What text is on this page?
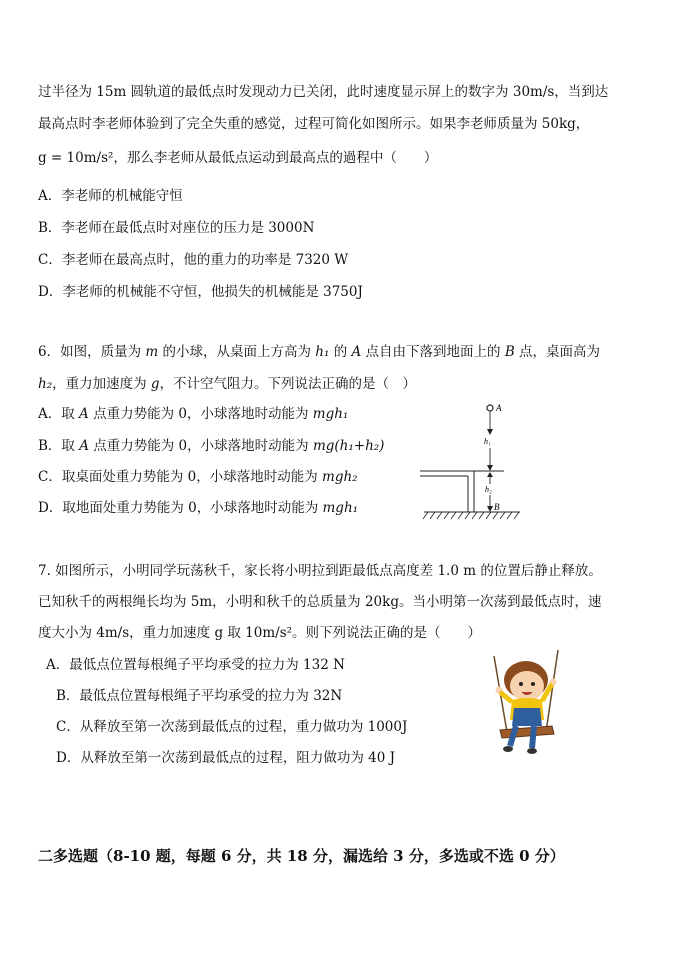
过半径为 15m 圆轨道的最低点时发现动力已关闭，此时速度显示屏上的数字为 30m/s，当到达
最高点时李老师体验到了完全失重的感觉，过程可简化如图所示。如果李老师质量为 50kg，
g = 10m/s²，那么李老师从最低点运动到最高点的過程中（　　）
A．李老师的机械能守恒
B．李老师在最低点时对座位的压力是 3000N
C．李老师在最高点时，他的重力的功率是 7320 W
D．李老师的机械能不守恒，他损失的机械能是 3750J
6．如图，质量为 m 的小球，从桌面上方高为 h₁ 的 A 点自由下落到地面上的 B 点，桌面高为
h₂，重力加速度为 g，不计空气阻力。下列说法正确的是（　）
A．取 A 点重力势能为 0，小球落地时动能为 mgh₁
B．取 A 点重力势能为 0，小球落地时动能为 mg(h₁+h₂)
C．取桌面处重力势能为 0，小球落地时动能为 mgh₂
D．取地面处重力势能为 0，小球落地时动能为 mgh₁
A
h₁
h₂
B
7. 如图所示，小明同学玩荡秋千，家长将小明拉到距最低点高度差 1.0 m 的位置后静止释放。
已知秋千的两根绳长均为 5m，小明和秋千的总质量为 20kg。当小明第一次荡到最低点时，速
度大小为 4m/s，重力加速度 g 取 10m/s²。则下列说法正确的是（　　）
A．最低点位置每根绳子平均承受的拉力为 132 N
B．最低点位置每根绳子平均承受的拉力为 32N
C．从释放至第一次荡到最低点的过程，重力做功为 1000J
D．从释放至第一次荡到最低点的过程，阻力做功为 40 J
二多选题（8-10 题，每题 6 分，共 18 分，漏选给 3 分，多选或不选 0 分）
